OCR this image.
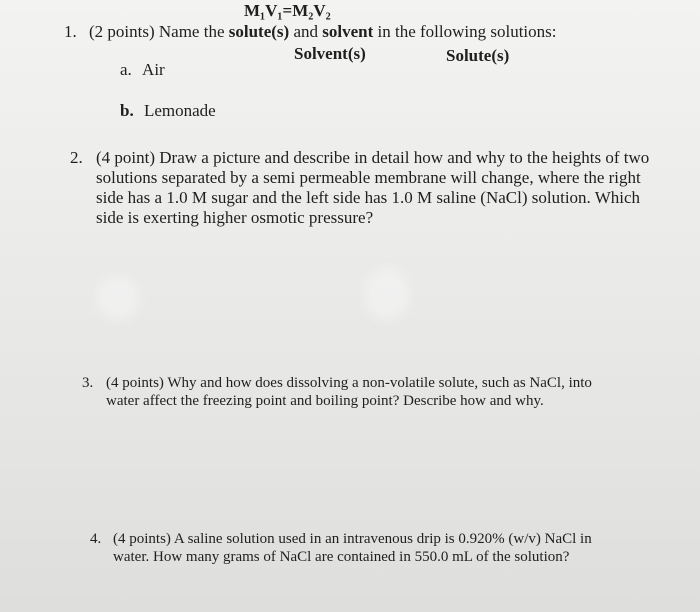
M₁V₁=M₂V₂
1. (2 points) Name the solute(s) and solvent in the following solutions:
Solvent(s)	Solute(s)
a. Air
b. Lemonade
2. (4 point) Draw a picture and describe in detail how and why to the heights of two
solutions separated by a semi permeable membrane will change, where the right
side has a 1.0 M sugar and the left side has 1.0 M saline (NaCl) solution. Which
side is exerting higher osmotic pressure?
3. (4 points) Why and how does dissolving a non-volatile solute, such as NaCl, into
water affect the freezing point and boiling point? Describe how and why.
4. (4 points) A saline solution used in an intravenous drip is 0.920% (w/v) NaCl in
water. How many grams of NaCl are contained in 550.0 mL of the solution?
